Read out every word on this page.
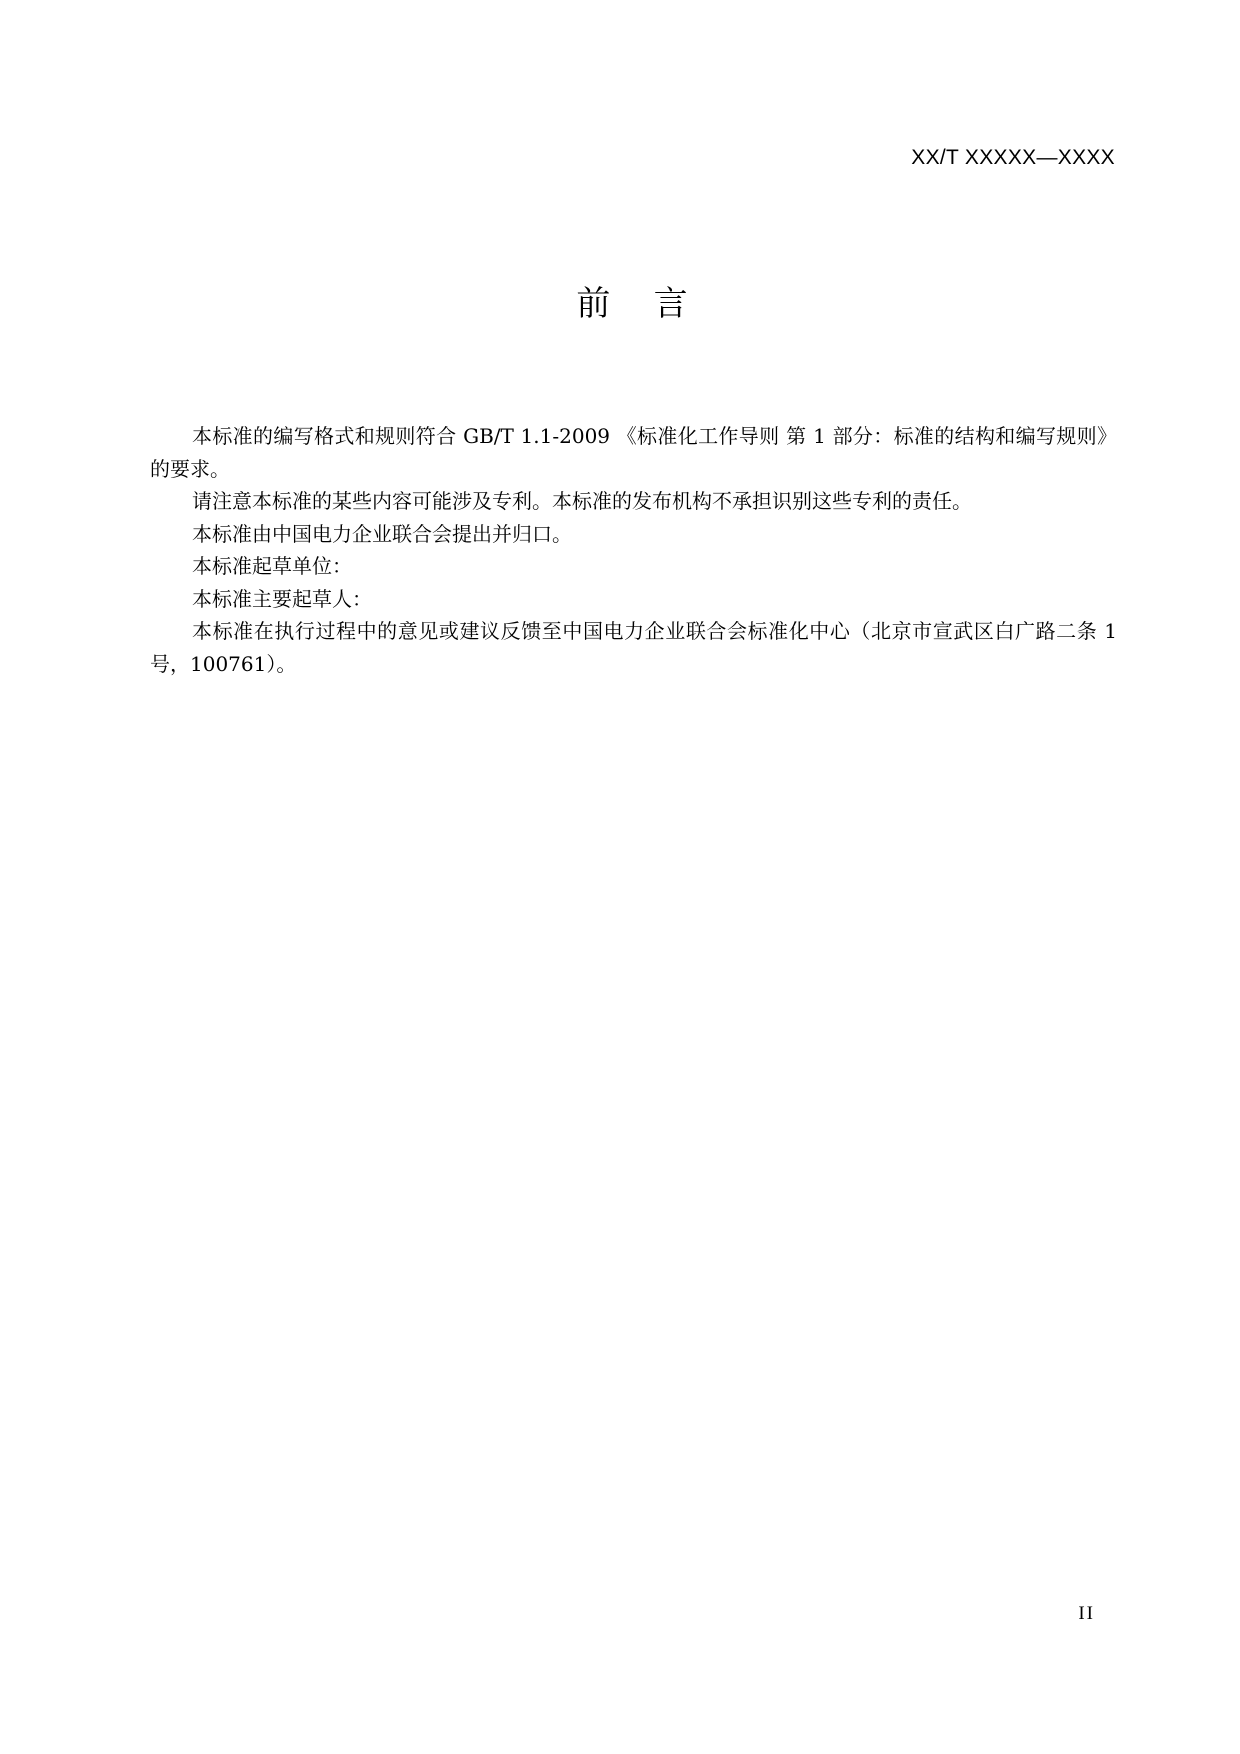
XX/T XXXXX—XXXX
前    言

本标准的编写格式和规则符合 GB/T 1.1-2009 《标准化工作导则 第 1 部分：标准的结构和编写规则》的要求。

请注意本标准的某些内容可能涉及专利。本标准的发布机构不承担识别这些专利的责任。

本标准由中国电力企业联合会提出并归口。

本标准起草单位：

本标准主要起草人：

本标准在执行过程中的意见或建议反馈至中国电力企业联合会标准化中心（北京市宣武区白广路二条 1 号，100761）。

II
